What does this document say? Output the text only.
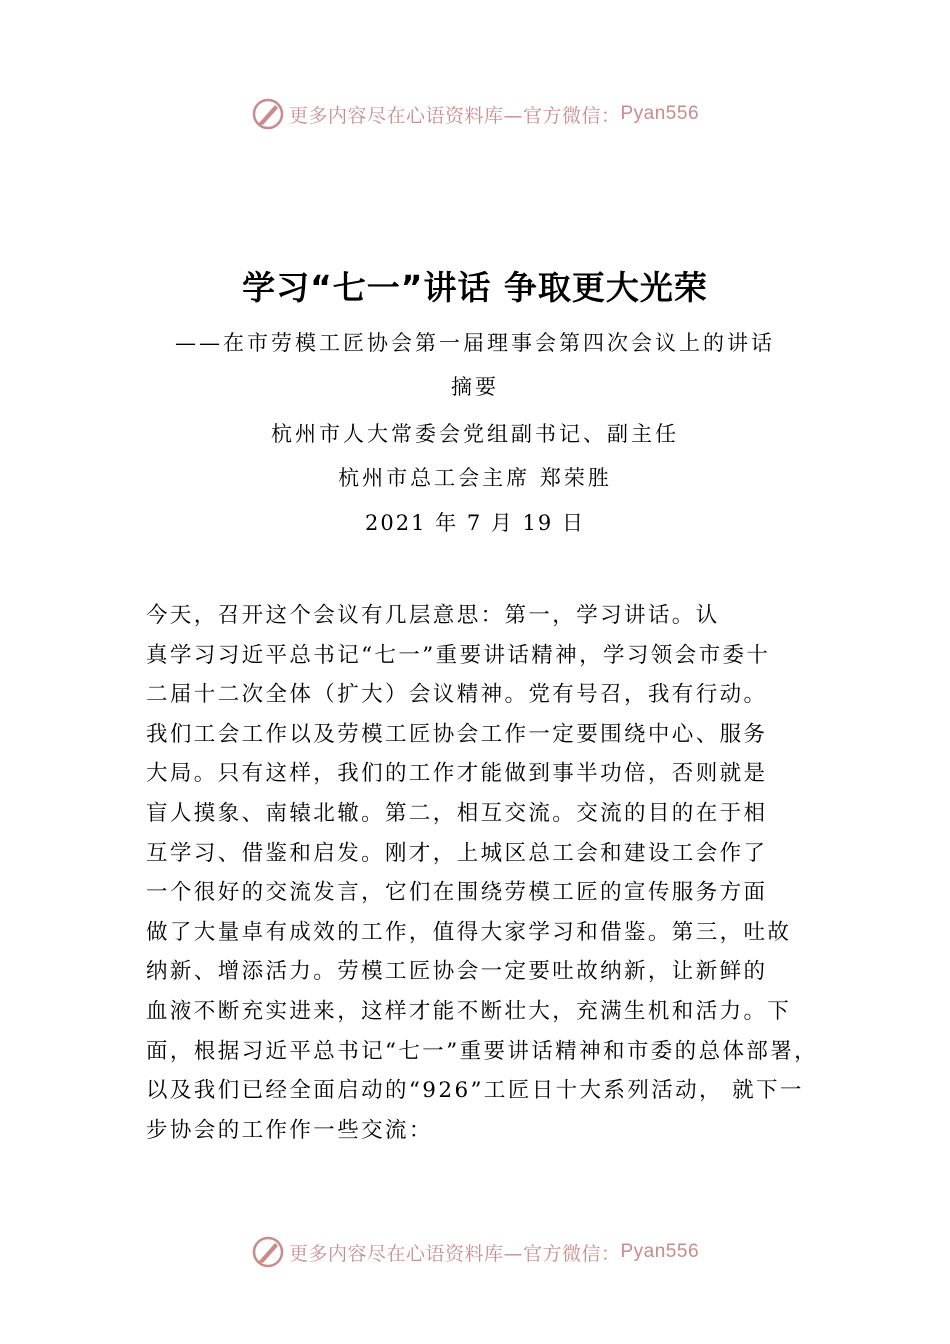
更多内容尽在心语资料库—官方微信： Pyan556
学习“七一”讲话 争取更大光荣
——在市劳模工匠协会第一届理事会第四次会议上的讲话
摘要
杭州市人大常委会党组副书记、副主任
杭州市总工会主席 郑荣胜
2021 年 7 月 19 日
今天，召开这个会议有几层意思：第一，学习讲话。认
真学习习近平总书记“七一”重要讲话精神，学习领会市委十
二届十二次全体（扩大）会议精神。党有号召，我有行动。
我们工会工作以及劳模工匠协会工作一定要围绕中心、服务
大局。只有这样，我们的工作才能做到事半功倍，否则就是
盲人摸象、南辕北辙。第二，相互交流。交流的目的在于相
互学习、借鉴和启发。刚才，上城区总工会和建设工会作了
一个很好的交流发言，它们在围绕劳模工匠的宣传服务方面
做了大量卓有成效的工作，值得大家学习和借鉴。第三，吐故
纳新、增添活力。劳模工匠协会一定要吐故纳新，让新鲜的
血液不断充实进来，这样才能不断壮大，充满生机和活力。下
面，根据习近平总书记“七一”重要讲话精神和市委的总体部署，
以及我们已经全面启动的“926”工匠日十大系列活动， 就下一
步协会的工作作一些交流：
更多内容尽在心语资料库—官方微信： Pyan556
